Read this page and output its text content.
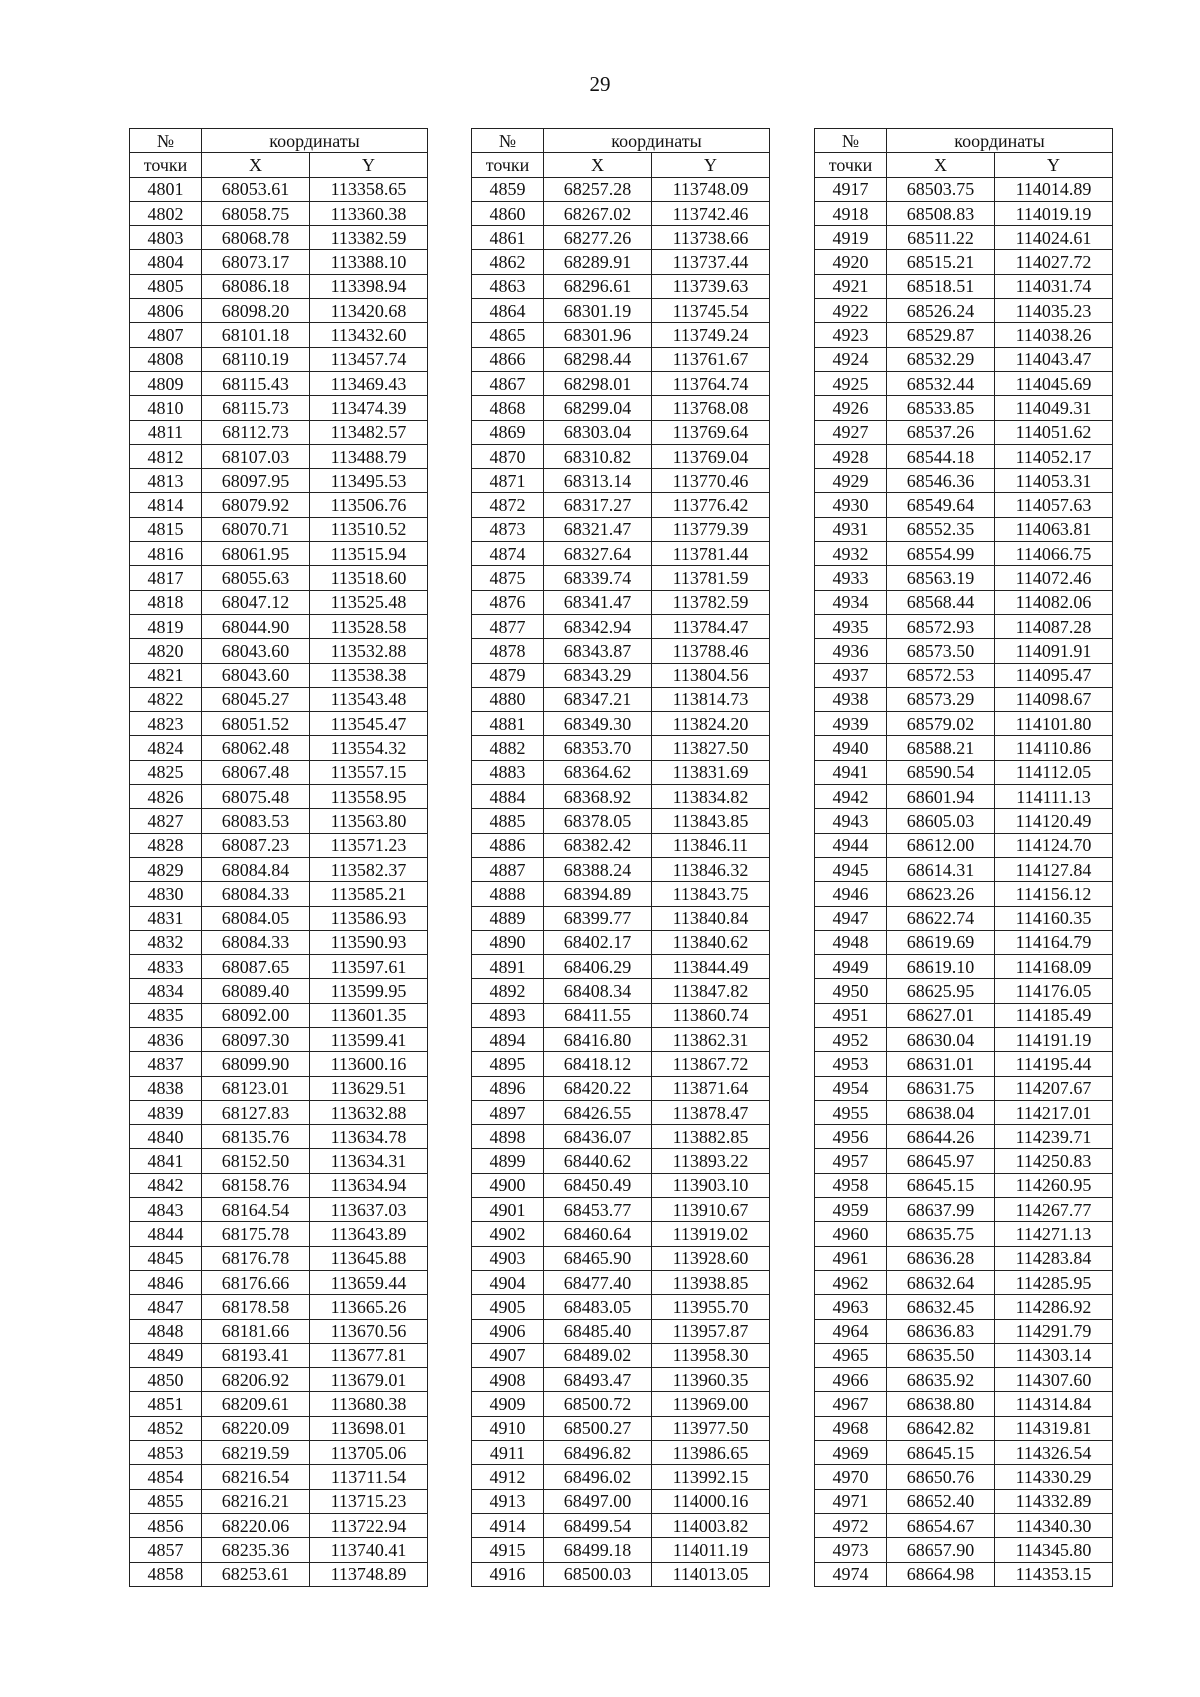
29
№	координаты	
точки	X	Y
4801	68053.61	113358.65
4802	68058.75	113360.38
4803	68068.78	113382.59
4804	68073.17	113388.10
4805	68086.18	113398.94
4806	68098.20	113420.68
4807	68101.18	113432.60
4808	68110.19	113457.74
4809	68115.43	113469.43
4810	68115.73	113474.39
4811	68112.73	113482.57
4812	68107.03	113488.79
4813	68097.95	113495.53
4814	68079.92	113506.76
4815	68070.71	113510.52
4816	68061.95	113515.94
4817	68055.63	113518.60
4818	68047.12	113525.48
4819	68044.90	113528.58
4820	68043.60	113532.88
4821	68043.60	113538.38
4822	68045.27	113543.48
4823	68051.52	113545.47
4824	68062.48	113554.32
4825	68067.48	113557.15
4826	68075.48	113558.95
4827	68083.53	113563.80
4828	68087.23	113571.23
4829	68084.84	113582.37
4830	68084.33	113585.21
4831	68084.05	113586.93
4832	68084.33	113590.93
4833	68087.65	113597.61
4834	68089.40	113599.95
4835	68092.00	113601.35
4836	68097.30	113599.41
4837	68099.90	113600.16
4838	68123.01	113629.51
4839	68127.83	113632.88
4840	68135.76	113634.78
4841	68152.50	113634.31
4842	68158.76	113634.94
4843	68164.54	113637.03
4844	68175.78	113643.89
4845	68176.78	113645.88
4846	68176.66	113659.44
4847	68178.58	113665.26
4848	68181.66	113670.56
4849	68193.41	113677.81
4850	68206.92	113679.01
4851	68209.61	113680.38
4852	68220.09	113698.01
4853	68219.59	113705.06
4854	68216.54	113711.54
4855	68216.21	113715.23
4856	68220.06	113722.94
4857	68235.36	113740.41
4858	68253.61	113748.89
№	координаты	
точки	X	Y
4859	68257.28	113748.09
4860	68267.02	113742.46
4861	68277.26	113738.66
4862	68289.91	113737.44
4863	68296.61	113739.63
4864	68301.19	113745.54
4865	68301.96	113749.24
4866	68298.44	113761.67
4867	68298.01	113764.74
4868	68299.04	113768.08
4869	68303.04	113769.64
4870	68310.82	113769.04
4871	68313.14	113770.46
4872	68317.27	113776.42
4873	68321.47	113779.39
4874	68327.64	113781.44
4875	68339.74	113781.59
4876	68341.47	113782.59
4877	68342.94	113784.47
4878	68343.87	113788.46
4879	68343.29	113804.56
4880	68347.21	113814.73
4881	68349.30	113824.20
4882	68353.70	113827.50
4883	68364.62	113831.69
4884	68368.92	113834.82
4885	68378.05	113843.85
4886	68382.42	113846.11
4887	68388.24	113846.32
4888	68394.89	113843.75
4889	68399.77	113840.84
4890	68402.17	113840.62
4891	68406.29	113844.49
4892	68408.34	113847.82
4893	68411.55	113860.74
4894	68416.80	113862.31
4895	68418.12	113867.72
4896	68420.22	113871.64
4897	68426.55	113878.47
4898	68436.07	113882.85
4899	68440.62	113893.22
4900	68450.49	113903.10
4901	68453.77	113910.67
4902	68460.64	113919.02
4903	68465.90	113928.60
4904	68477.40	113938.85
4905	68483.05	113955.70
4906	68485.40	113957.87
4907	68489.02	113958.30
4908	68493.47	113960.35
4909	68500.72	113969.00
4910	68500.27	113977.50
4911	68496.82	113986.65
4912	68496.02	113992.15
4913	68497.00	114000.16
4914	68499.54	114003.82
4915	68499.18	114011.19
4916	68500.03	114013.05
№	координаты	
точки	X	Y
4917	68503.75	114014.89
4918	68508.83	114019.19
4919	68511.22	114024.61
4920	68515.21	114027.72
4921	68518.51	114031.74
4922	68526.24	114035.23
4923	68529.87	114038.26
4924	68532.29	114043.47
4925	68532.44	114045.69
4926	68533.85	114049.31
4927	68537.26	114051.62
4928	68544.18	114052.17
4929	68546.36	114053.31
4930	68549.64	114057.63
4931	68552.35	114063.81
4932	68554.99	114066.75
4933	68563.19	114072.46
4934	68568.44	114082.06
4935	68572.93	114087.28
4936	68573.50	114091.91
4937	68572.53	114095.47
4938	68573.29	114098.67
4939	68579.02	114101.80
4940	68588.21	114110.86
4941	68590.54	114112.05
4942	68601.94	114111.13
4943	68605.03	114120.49
4944	68612.00	114124.70
4945	68614.31	114127.84
4946	68623.26	114156.12
4947	68622.74	114160.35
4948	68619.69	114164.79
4949	68619.10	114168.09
4950	68625.95	114176.05
4951	68627.01	114185.49
4952	68630.04	114191.19
4953	68631.01	114195.44
4954	68631.75	114207.67
4955	68638.04	114217.01
4956	68644.26	114239.71
4957	68645.97	114250.83
4958	68645.15	114260.95
4959	68637.99	114267.77
4960	68635.75	114271.13
4961	68636.28	114283.84
4962	68632.64	114285.95
4963	68632.45	114286.92
4964	68636.83	114291.79
4965	68635.50	114303.14
4966	68635.92	114307.60
4967	68638.80	114314.84
4968	68642.82	114319.81
4969	68645.15	114326.54
4970	68650.76	114330.29
4971	68652.40	114332.89
4972	68654.67	114340.30
4973	68657.90	114345.80
4974	68664.98	114353.15
